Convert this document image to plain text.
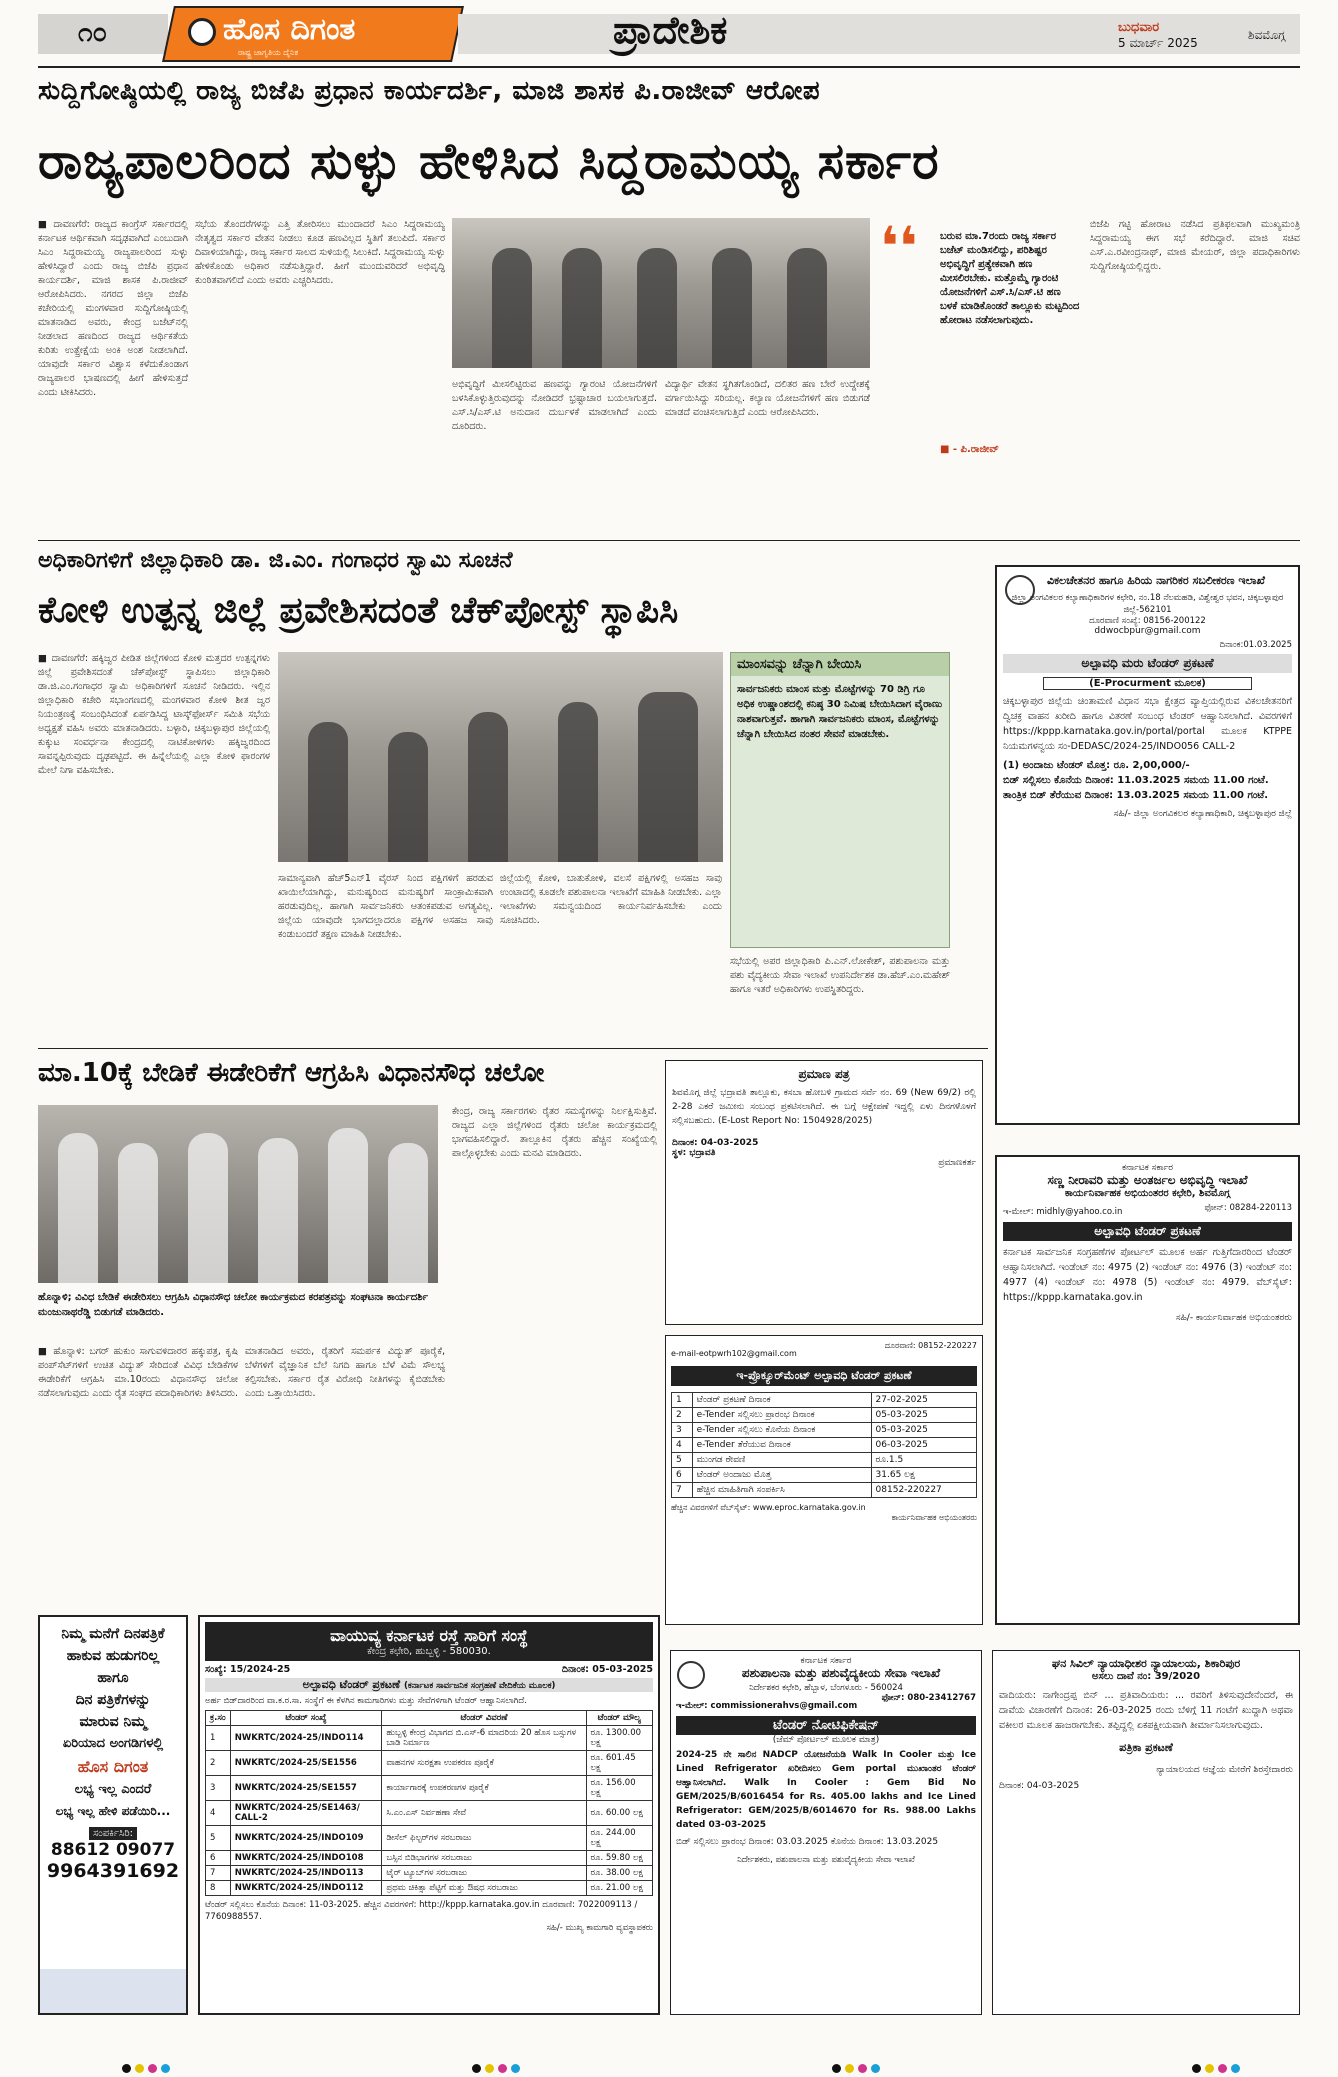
೧೦	ಹೊಸ ದಿಗಂತ
ರಾಷ್ಟ್ರ ಜಾಗೃತಿಯ ದೈನಿಕ
ಪ್ರಾದೇಶಿಕ	ಬುಧವಾರ
5 ಮಾರ್ಚ್ 2025
ಶಿವಮೊಗ್ಗ
ಸುದ್ದಿಗೋಷ್ಠಿಯಲ್ಲಿ ರಾಜ್ಯ ಬಿಜೆಪಿ ಪ್ರಧಾನ ಕಾರ್ಯದರ್ಶಿ, ಮಾಜಿ ಶಾಸಕ ಪಿ.ರಾಜೀವ್ ಆರೋಪ
ರಾಜ್ಯಪಾಲರಿಂದ ಸುಳ್ಳು ಹೇಳಿಸಿದ ಸಿದ್ದರಾಮಯ್ಯ ಸರ್ಕಾರ
■ ದಾವಣಗೆರೆ: ರಾಜ್ಯದ ಕಾಂಗ್ರೆಸ್ ಸರ್ಕಾರದಲ್ಲಿ ಕರ್ನಾಟಕ ಆರ್ಥಿಕವಾಗಿ ಸದೃಢವಾಗಿದೆ ಎಂಬುದಾಗಿ ಸಿಎಂ ಸಿದ್ದರಾಮಯ್ಯ ರಾಜ್ಯಪಾಲರಿಂದ ಸುಳ್ಳು ಹೇಳಿಸಿದ್ದಾರೆ ಎಂದು ರಾಜ್ಯ ಬಿಜೆಪಿ ಪ್ರಧಾನ ಕಾರ್ಯದರ್ಶಿ, ಮಾಜಿ ಶಾಸಕ ಪಿ.ರಾಜೀವ್ ಆರೋಪಿಸಿದರು. ನಗರದ ಜಿಲ್ಲಾ ಬಿಜೆಪಿ ಕಚೇರಿಯಲ್ಲಿ ಮಂಗಳವಾರ ಸುದ್ದಿಗೋಷ್ಠಿಯಲ್ಲಿ ಮಾತನಾಡಿದ ಅವರು, ಕೇಂದ್ರ ಬಜೆಟ್‌ನಲ್ಲಿ ನೀಡಲಾದ ಹಣದಿಂದ ರಾಜ್ಯದ ಆರ್ಥಿಕತೆಯ ಕುರಿತು ಉತ್ಪ್ರೇಕ್ಷೆಯ ಅಂಕಿ ಅಂಶ ನೀಡಲಾಗಿದೆ. ಯಾವುದೇ ಸರ್ಕಾರ ವಿಶ್ವಾಸ ಕಳೆದುಕೊಂಡಾಗ ರಾಜ್ಯಪಾಲರ ಭಾಷಣದಲ್ಲಿ ಹೀಗೆ ಹೇಳಿಸುತ್ತದೆ ಎಂದು ಟೀಕಿಸಿದರು.
ಸಭೆಯ ತೊಂದರೆಗಳನ್ನು ಎತ್ತಿ ತೋರಿಸಲು ಮುಂದಾದರೆ ಸಿಎಂ ಸಿದ್ದರಾಮಯ್ಯ ನೇತೃತ್ವದ ಸರ್ಕಾರ ವೇತನ ನೀಡಲು ಕೂಡ ಹಣವಿಲ್ಲದ ಸ್ಥಿತಿಗೆ ತಲುಪಿದೆ. ಸರ್ಕಾರ ದಿವಾಳಿಯಾಗಿದ್ದು, ರಾಜ್ಯ ಸರ್ಕಾರ ಸಾಲದ ಸುಳಿಯಲ್ಲಿ ಸಿಲುಕಿದೆ. ಸಿದ್ದರಾಮಯ್ಯ ಸುಳ್ಳು ಹೇಳಿಕೊಂಡು ಅಧಿಕಾರ ನಡೆಸುತ್ತಿದ್ದಾರೆ. ಹೀಗೆ ಮುಂದುವರಿದರೆ ಅಭಿವೃದ್ಧಿ ಕುಂಠಿತವಾಗಲಿದೆ ಎಂದು ಅವರು ಎಚ್ಚರಿಸಿದರು.
ಅಭಿವೃದ್ಧಿಗೆ ಮೀಸಲಿಟ್ಟಿರುವ ಹಣವನ್ನು ಗ್ಯಾರಂಟಿ ಯೋಜನೆಗಳಿಗೆ ಬಳಸಿಕೊಳ್ಳುತ್ತಿರುವುದನ್ನು ನೋಡಿದರೆ ಭ್ರಷ್ಟಾಚಾರ ಬಯಲಾಗುತ್ತದೆ. ಎಸ್.ಸಿ/ಎಸ್.ಟಿ ಅನುದಾನ ದುರ್ಬಳಕೆ ಮಾಡಲಾಗಿದೆ ಎಂದು ದೂರಿದರು.
ವಿದ್ಯಾರ್ಥಿ ವೇತನ ಸ್ಥಗಿತಗೊಂಡಿದೆ, ದಲಿತರ ಹಣ ಬೇರೆ ಉದ್ದೇಶಕ್ಕೆ ವರ್ಗಾಯಿಸಿದ್ದು ಸರಿಯಲ್ಲ. ಕಲ್ಯಾಣ ಯೋಜನೆಗಳಿಗೆ ಹಣ ಬಿಡುಗಡೆ ಮಾಡದೆ ವಂಚಿಸಲಾಗುತ್ತಿದೆ ಎಂದು ಆರೋಪಿಸಿದರು.
❛❛ ಬರುವ ಮಾ.7ರಂದು ರಾಜ್ಯ ಸರ್ಕಾರ ಬಜೆಟ್ ಮಂಡಿಸಲಿದ್ದು, ಪರಿಶಿಷ್ಟರ ಅಭಿವೃದ್ಧಿಗೆ ಪ್ರತ್ಯೇಕವಾಗಿ ಹಣ ಮೀಸಲಿರಬೇಕು. ಮತ್ತೊಮ್ಮೆ ಗ್ಯಾರಂಟಿ ಯೋಜನೆಗಳಿಗೆ ಎಸ್.ಸಿ/ಎಸ್.ಟಿ ಹಣ ಬಳಕೆ ಮಾಡಿಕೊಂಡರೆ ತಾಲ್ಲೂಕು ಮಟ್ಟದಿಂದ ಹೋರಾಟ ನಡೆಸಲಾಗುವುದು.
■ - ಪಿ.ರಾಜೀವ್
ಬಿಜೆಪಿ ಗಟ್ಟಿ ಹೋರಾಟ ನಡೆಸಿದ ಪ್ರತಿಫಲವಾಗಿ ಮುಖ್ಯಮಂತ್ರಿ ಸಿದ್ದರಾಮಯ್ಯ ಈಗ ಸಭೆ ಕರೆದಿದ್ದಾರೆ. ಮಾಜಿ ಸಚಿವ ಎಸ್.ಎ.ರವೀಂದ್ರನಾಥ್, ಮಾಜಿ ಮೇಯರ್, ಜಿಲ್ಲಾ ಪದಾಧಿಕಾರಿಗಳು ಸುದ್ದಿಗೋಷ್ಠಿಯಲ್ಲಿದ್ದರು.
ಅಧಿಕಾರಿಗಳಿಗೆ ಜಿಲ್ಲಾಧಿಕಾರಿ ಡಾ. ಜಿ.ಎಂ. ಗಂಗಾಧರ ಸ್ವಾಮಿ ಸೂಚನೆ
ಕೋಳಿ ಉತ್ಪನ್ನ ಜಿಲ್ಲೆ ಪ್ರವೇಶಿಸದಂತೆ ಚೆಕ್‌ಪೋಸ್ಟ್ ಸ್ಥಾಪಿಸಿ
■ ದಾವಣಗೆರೆ: ಹಕ್ಕಿಜ್ವರ ಪೀಡಿತ ಜಿಲ್ಲೆಗಳಿಂದ ಕೋಳಿ ಮತ್ತದರ ಉತ್ಪನ್ನಗಳು ಜಿಲ್ಲೆ ಪ್ರವೇಶಿಸದಂತೆ ಚೆಕ್‌ಪೋಸ್ಟ್ ಸ್ಥಾಪಿಸಲು ಜಿಲ್ಲಾಧಿಕಾರಿ ಡಾ.ಜಿ.ಎಂ.ಗಂಗಾಧರ ಸ್ವಾಮಿ ಅಧಿಕಾರಿಗಳಿಗೆ ಸೂಚನೆ ನೀಡಿದರು. ಇಲ್ಲಿನ ಜಿಲ್ಲಾಧಿಕಾರಿ ಕಚೇರಿ ಸಭಾಂಗಣದಲ್ಲಿ ಮಂಗಳವಾರ ಕೋಳಿ ಶೀತ ಜ್ವರ ನಿಯಂತ್ರಣಕ್ಕೆ ಸಂಬಂಧಿಸಿದಂತೆ ಏರ್ಪಡಿಸಿದ್ದ ಟಾಸ್ಕ್‌ಫೋರ್ಸ್ ಸಮಿತಿ ಸಭೆಯ ಅಧ್ಯಕ್ಷತೆ ವಹಿಸಿ ಅವರು ಮಾತನಾಡಿದರು. ಬಳ್ಳಾರಿ, ಚಿಕ್ಕಬಳ್ಳಾಪುರ ಜಿಲ್ಲೆಯಲ್ಲಿ ಕುಕ್ಕುಟ ಸಂವರ್ಧನಾ ಕೇಂದ್ರದಲ್ಲಿ ನಾಟಿಕೋಳಿಗಳು ಹಕ್ಕಿಜ್ವರದಿಂದ ಸಾವನ್ನಪ್ಪಿರುವುದು ದೃಢಪಟ್ಟಿದೆ. ಈ ಹಿನ್ನೆಲೆಯಲ್ಲಿ ಎಲ್ಲಾ ಕೋಳಿ ಫಾರಂಗಳ ಮೇಲೆ ನಿಗಾ ವಹಿಸಬೇಕು.
ಸಾಮಾನ್ಯವಾಗಿ ಹೆಚ್5ಎನ್1 ವೈರಸ್ ನಿಂದ ಪಕ್ಷಿಗಳಿಗೆ ಹರಡುವ ಖಾಯಿಲೆಯಾಗಿದ್ದು, ಮನುಷ್ಯರಿಂದ ಮನುಷ್ಯರಿಗೆ ಸಾಂಕ್ರಾಮಿಕವಾಗಿ ಹರಡುವುದಿಲ್ಲ. ಹಾಗಾಗಿ ಸಾರ್ವಜನಿಕರು ಆತಂಕಪಡುವ ಅಗತ್ಯವಿಲ್ಲ. ಜಿಲ್ಲೆಯ ಯಾವುದೇ ಭಾಗದಲ್ಲಾದರೂ ಪಕ್ಷಿಗಳ ಅಸಹಜ ಸಾವು ಕಂಡುಬಂದರೆ ತಕ್ಷಣ ಮಾಹಿತಿ ನೀಡಬೇಕು.
ಜಿಲ್ಲೆಯಲ್ಲಿ ಕೋಳಿ, ಬಾತುಕೋಳಿ, ವಲಸೆ ಪಕ್ಷಿಗಳಲ್ಲಿ ಅಸಹಜ ಸಾವು ಉಂಟಾದಲ್ಲಿ ಕೂಡಲೇ ಪಶುಪಾಲನಾ ಇಲಾಖೆಗೆ ಮಾಹಿತಿ ನೀಡಬೇಕು. ಎಲ್ಲಾ ಇಲಾಖೆಗಳು ಸಮನ್ವಯದಿಂದ ಕಾರ್ಯನಿರ್ವಹಿಸಬೇಕು ಎಂದು ಸೂಚಿಸಿದರು.
ಮಾಂಸವನ್ನು ಚೆನ್ನಾಗಿ ಬೇಯಿಸಿ
ಸಾರ್ವಜನಿಕರು ಮಾಂಸ ಮತ್ತು ಮೊಟ್ಟೆಗಳನ್ನು 70 ಡಿಗ್ರಿ ಗೂ ಅಧಿಕ ಉಷ್ಣಾಂಶದಲ್ಲಿ ಕನಿಷ್ಠ 30 ನಿಮಿಷ ಬೇಯಿಸಿದಾಗ ವೈರಾಣು ನಾಶವಾಗುತ್ತವೆ. ಹಾಗಾಗಿ ಸಾರ್ವಜನಿಕರು ಮಾಂಸ, ಮೊಟ್ಟೆಗಳನ್ನು ಚೆನ್ನಾಗಿ ಬೇಯಿಸಿದ ನಂತರ ಸೇವನೆ ಮಾಡಬೇಕು.
ಸಭೆಯಲ್ಲಿ ಅಪರ ಜಿಲ್ಲಾಧಿಕಾರಿ ಪಿ.ಎನ್.ಲೋಕೇಶ್, ಪಶುಪಾಲನಾ ಮತ್ತು ಪಶು ವೈದ್ಯಕೀಯ ಸೇವಾ ಇಲಾಖೆ ಉಪನಿರ್ದೇಶಕ ಡಾ.ಹೆಚ್.ಎಂ.ಮಹೇಶ್ ಹಾಗೂ ಇತರೆ ಅಧಿಕಾರಿಗಳು ಉಪಸ್ಥಿತರಿದ್ದರು.
ವಿಕಲಚೇತನರ ಹಾಗೂ ಹಿರಿಯ ನಾಗರಿಕರ ಸಬಲೀಕರಣ ಇಲಾಖೆ
ಜಿಲ್ಲಾ ಅಂಗವಿಕಲರ ಕಲ್ಯಾಣಾಧಿಕಾರಿಗಳ ಕಛೇರಿ, ನಂ.18 ನೆಲಮಹಡಿ, ವಿಶ್ವೇಶ್ವರ ಭವನ, ಚಿಕ್ಕಬಳ್ಳಾಪುರ ಜಿಲ್ಲೆ-562101
ದೂರವಾಣಿ ಸಂಖ್ಯೆ: 08156-200122
ddwocbpur@gmail.com
ದಿನಾಂಕ:01.03.2025
ಅಲ್ಪಾವಧಿ ಮರು ಟೆಂಡರ್ ಪ್ರಕಟಣೆ
(E-Procurment ಮೂಲಕ)
ಚಿಕ್ಕಬಳ್ಳಾಪುರ ಜಿಲ್ಲೆಯ ಚಿಂತಾಮಣಿ ವಿಧಾನ ಸಭಾ ಕ್ಷೇತ್ರದ ವ್ಯಾಪ್ತಿಯಲ್ಲಿರುವ ವಿಕಲಚೇತನರಿಗೆ ದ್ವಿಚಕ್ರ ವಾಹನ ಖರೀದಿ ಹಾಗೂ ವಿತರಣೆ ಸಂಬಂಧ ಟೆಂಡರ್ ಆಹ್ವಾನಿಸಲಾಗಿದೆ. ವಿವರಗಳಿಗೆ https://kppp.karnataka.gov.in/portal/portal ಮೂಲಕ KTPPE ನಿಯಮಗಳನ್ವಯ ಸಂ-DEDASC/2024-25/INDO056 CALL-2
(1) ಅಂದಾಜು ಟೆಂಡರ್ ಮೊತ್ತ: ರೂ. 2,00,000/-
ಬಿಡ್ ಸಲ್ಲಿಸಲು ಕೊನೆಯ ದಿನಾಂಕ: 11.03.2025 ಸಮಯ 11.00 ಗಂಟೆ. ತಾಂತ್ರಿಕ ಬಿಡ್ ತೆರೆಯುವ ದಿನಾಂಕ: 13.03.2025 ಸಮಯ 11.00 ಗಂಟೆ.
ಸಹಿ/- ಜಿಲ್ಲಾ ಅಂಗವಿಕಲರ ಕಲ್ಯಾಣಾಧಿಕಾರಿ, ಚಿಕ್ಕಬಳ್ಳಾಪುರ ಜಿಲ್ಲೆ
ಮಾ.10ಕ್ಕೆ ಬೇಡಿಕೆ ಈಡೇರಿಕೆಗೆ ಆಗ್ರಹಿಸಿ ವಿಧಾನಸೌಧ ಚಲೋ
ಹೊನ್ನಾಳಿ; ವಿವಿಧ ಬೇಡಿಕೆ ಈಡೇರಿಸಲು ಆಗ್ರಹಿಸಿ ವಿಧಾನಸೌಧ ಚಲೋ ಕಾರ್ಯಕ್ರಮದ ಕರಪತ್ರವನ್ನು ಸಂಘಟನಾ ಕಾರ್ಯದರ್ಶಿ ಮಂಜುನಾಥರೆಡ್ಡಿ ಬಿಡುಗಡೆ ಮಾಡಿದರು.
■ ಹೊನ್ನಾಳಿ: ಬಗರ್ ಹುಕುಂ ಸಾಗುವಳಿದಾರರ ಹಕ್ಕುಪತ್ರ, ಕೃಷಿ ಪಂಪ್‌ಸೆಟ್‌ಗಳಿಗೆ ಉಚಿತ ವಿದ್ಯುತ್ ಸೇರಿದಂತೆ ವಿವಿಧ ಬೇಡಿಕೆಗಳ ಈಡೇರಿಕೆಗೆ ಆಗ್ರಹಿಸಿ ಮಾ.10ರಂದು ವಿಧಾನಸೌಧ ಚಲೋ ನಡೆಸಲಾಗುವುದು ಎಂದು ರೈತ ಸಂಘದ ಪದಾಧಿಕಾರಿಗಳು ತಿಳಿಸಿದರು.
ಮಾತನಾಡಿದ ಅವರು, ರೈತರಿಗೆ ಸಮರ್ಪಕ ವಿದ್ಯುತ್ ಪೂರೈಕೆ, ಬೆಳೆಗಳಿಗೆ ವೈಜ್ಞಾನಿಕ ಬೆಲೆ ನಿಗದಿ ಹಾಗೂ ಬೆಳೆ ವಿಮೆ ಸೌಲಭ್ಯ ಕಲ್ಪಿಸಬೇಕು. ಸರ್ಕಾರ ರೈತ ವಿರೋಧಿ ನೀತಿಗಳನ್ನು ಕೈಬಿಡಬೇಕು ಎಂದು ಒತ್ತಾಯಿಸಿದರು.
ಕೇಂದ್ರ, ರಾಜ್ಯ ಸರ್ಕಾರಗಳು ರೈತರ ಸಮಸ್ಯೆಗಳನ್ನು ನಿರ್ಲಕ್ಷಿಸುತ್ತಿವೆ. ರಾಜ್ಯದ ಎಲ್ಲಾ ಜಿಲ್ಲೆಗಳಿಂದ ರೈತರು ಚಲೋ ಕಾರ್ಯಕ್ರಮದಲ್ಲಿ ಭಾಗವಹಿಸಲಿದ್ದಾರೆ. ತಾಲ್ಲೂಕಿನ ರೈತರು ಹೆಚ್ಚಿನ ಸಂಖ್ಯೆಯಲ್ಲಿ ಪಾಲ್ಗೊಳ್ಳಬೇಕು ಎಂದು ಮನವಿ ಮಾಡಿದರು.
ಪ್ರಮಾಣ ಪತ್ರ
ಶಿವಮೊಗ್ಗ ಜಿಲ್ಲೆ ಭದ್ರಾವತಿ ತಾಲ್ಲೂಕು, ಕಸಬಾ ಹೋಬಳಿ ಗ್ರಾಮದ ಸರ್ವೆ ನಂ. 69 (New 69/2) ರಲ್ಲಿ 2-28 ಎಕರೆ ಜಮೀನು ಸಂಬಂಧ ಪ್ರಕಟಿಸಲಾಗಿದೆ. ಈ ಬಗ್ಗೆ ಆಕ್ಷೇಪಣೆ ಇದ್ದಲ್ಲಿ ಏಳು ದಿನಗಳೊಳಗೆ ಸಲ್ಲಿಸಬಹುದು. (E-Lost Report No: 1504928/2025)
ದಿನಾಂಕ: 04-03-2025
ಸ್ಥಳ: ಭದ್ರಾವತಿ
ಪ್ರಮಾಣಕರ್ತ
e-mail-eotpwrh102@gmail.com
ದೂರವಾಣಿ: 08152-220227
ಇ-ಪ್ರೊಕ್ಯೂರ್‌ಮೆಂಟ್ ಅಲ್ಪಾವಧಿ ಟೆಂಡರ್ ಪ್ರಕಟಣೆ
1	ಟೆಂಡರ್ ಪ್ರಕಟಣೆ ದಿನಾಂಕ	27-02-2025
2	e-Tender ಸಲ್ಲಿಸಲು ಪ್ರಾರಂಭ ದಿನಾಂಕ	05-03-2025
3	e-Tender ಸಲ್ಲಿಸಲು ಕೊನೆಯ ದಿನಾಂಕ	05-03-2025
4	e-Tender ತೆರೆಯುವ ದಿನಾಂಕ	06-03-2025
5	ಮುಂಗಡ ಠೇವಣಿ	ರೂ.1.5
6	ಟೆಂಡರ್ ಅಂದಾಜು ಮೊತ್ತ	31.65 ಲಕ್ಷ
7	ಹೆಚ್ಚಿನ ಮಾಹಿತಿಗಾಗಿ ಸಂಪರ್ಕಿಸಿ	08152-220227
ಹೆಚ್ಚಿನ ವಿವರಗಳಿಗೆ ವೆಬ್‌ಸೈಟ್: www.eproc.karnataka.gov.in
ಕಾರ್ಯನಿರ್ವಾಹಕ ಅಭಿಯಂತರರು
ಕರ್ನಾಟಕ ಸರ್ಕಾರ
ಸಣ್ಣ ನೀರಾವರಿ ಮತ್ತು ಅಂತರ್ಜಲ ಅಭಿವೃದ್ಧಿ ಇಲಾಖೆ
ಕಾರ್ಯನಿರ್ವಾಹಕ ಅಭಿಯಂತರರ ಕಛೇರಿ, ಶಿವಮೊಗ್ಗ
ಇ-ಮೇಲ್: midhly@yahoo.co.in	ಫೋನ್: 08284-220113
ಅಲ್ಪಾವಧಿ ಟೆಂಡರ್ ಪ್ರಕಟಣೆ
ಕರ್ನಾಟಕ ಸಾರ್ವಜನಿಕ ಸಂಗ್ರಹಣೆಗಳ ಪೋರ್ಟಲ್ ಮೂಲಕ ಅರ್ಹ ಗುತ್ತಿಗೆದಾರರಿಂದ ಟೆಂಡರ್ ಆಹ್ವಾನಿಸಲಾಗಿದೆ. ಇಂಡೆಂಟ್ ನಂ: 4975 (2) ಇಂಡೆಂಟ್ ನಂ: 4976 (3) ಇಂಡೆಂಟ್ ನಂ: 4977 (4) ಇಂಡೆಂಟ್ ನಂ: 4978 (5) ಇಂಡೆಂಟ್ ನಂ: 4979. ವೆಬ್‌ಸೈಟ್: https://kppp.karnataka.gov.in
ಸಹಿ/- ಕಾರ್ಯನಿರ್ವಾಹಕ ಅಭಿಯಂತರರು
ನಿಮ್ಮ ಮನೆಗೆ ದಿನಪತ್ರಿಕೆ
ಹಾಕುವ ಹುಡುಗರಿಲ್ಲ
ಹಾಗೂ
ದಿನ ಪತ್ರಿಕೆಗಳನ್ನು
ಮಾರುವ ನಿಮ್ಮ
ಏರಿಯಾದ ಅಂಗಡಿಗಳಲ್ಲಿ
ಹೊಸ ದಿಗಂತ
ಲಭ್ಯ ಇಲ್ಲ ಎಂದರೆ
ಲಭ್ಯ ಇಲ್ಲ ಹೇಳಿ ಪಡೆಯಿರಿ...
ಸಂಪರ್ಕಿಸಿರಿ:
88612 09077
9964391692
ವಾಯುವ್ಯ ಕರ್ನಾಟಕ ರಸ್ತೆ ಸಾರಿಗೆ ಸಂಸ್ಥೆ
ಕೇಂದ್ರ ಕಛೇರಿ, ಹುಬ್ಬಳ್ಳಿ - 580030.
ಸಂಖ್ಯೆ: 15/2024-25	ದಿನಾಂಕ: 05-03-2025
ಅಲ್ಪಾವಧಿ ಟೆಂಡರ್ ಪ್ರಕಟಣೆ (ಕರ್ನಾಟಕ ಸಾರ್ವಜನಿಕ ಸಂಗ್ರಹಣೆ ವೇದಿಕೆಯ ಮೂಲಕ)
ಅರ್ಹ ಬಿಡ್‌ದಾರರಿಂದ ವಾ.ಕ.ರ.ಸಾ. ಸಂಸ್ಥೆಗೆ ಈ ಕೆಳಗಿನ ಕಾಮಗಾರಿಗಳು ಮತ್ತು ಸೇವೆಗಳಿಗಾಗಿ ಟೆಂಡರ್ ಆಹ್ವಾನಿಸಲಾಗಿದೆ.
ಕ್ರ.ಸಂ	ಟೆಂಡರ್ ಸಂಖ್ಯೆ	ಟೆಂಡರ್ ವಿವರಣೆ	ಟೆಂಡರ್ ಮೌಲ್ಯ
1	NWKRTC/2024-25/INDO114	ಹುಬ್ಬಳ್ಳಿ ಕೇಂದ್ರ ವಿಭಾಗದ ಬಿ.ಎಸ್-6 ಮಾದರಿಯ 20 ಹೊಸ ಬಸ್ಸುಗಳ ಬಾಡಿ ನಿರ್ಮಾಣ	ರೂ. 1300.00 ಲಕ್ಷ
2	NWKRTC/2024-25/SE1556	ವಾಹನಗಳ ಸುರಕ್ಷತಾ ಉಪಕರಣ ಪೂರೈಕೆ	ರೂ. 601.45 ಲಕ್ಷ
3	NWKRTC/2024-25/SE1557	ಕಾರ್ಯಾಗಾರಕ್ಕೆ ಉಪಕರಣಗಳ ಪೂರೈಕೆ	ರೂ. 156.00 ಲಕ್ಷ
4	NWKRTC/2024-25/SE1463/ CALL-2	ಸಿ.ಎಂ.ಎಸ್ ನಿರ್ವಹಣಾ ಸೇವೆ	ರೂ. 60.00 ಲಕ್ಷ
5	NWKRTC/2024-25/INDO109	ಡೀಸೆಲ್ ಫಿಲ್ಟರ್‌ಗಳ ಸರಬರಾಜು	ರೂ. 244.00 ಲಕ್ಷ
6	NWKRTC/2024-25/INDO108	ಬಸ್ಸಿನ ಬಿಡಿಭಾಗಗಳ ಸರಬರಾಜು	ರೂ. 59.80 ಲಕ್ಷ
7	NWKRTC/2024-25/INDO113	ಟೈರ್ ಟ್ಯೂಬ್‌ಗಳ ಸರಬರಾಜು	ರೂ. 38.00 ಲಕ್ಷ
8	NWKRTC/2024-25/INDO112	ಪ್ರಥಮ ಚಿಕಿತ್ಸಾ ಪೆಟ್ಟಿಗೆ ಮತ್ತು ಔಷಧ ಸರಬರಾಜು	ರೂ. 21.00 ಲಕ್ಷ
ಟೆಂಡರ್ ಸಲ್ಲಿಸಲು ಕೊನೆಯ ದಿನಾಂಕ: 11-03-2025. ಹೆಚ್ಚಿನ ವಿವರಗಳಿಗೆ: http://kppp.karnataka.gov.in ದೂರವಾಣಿ: 7022009113 / 7760988557.
ಸಹಿ/- ಮುಖ್ಯ ಕಾಮಗಾರಿ ವ್ಯವಸ್ಥಾಪಕರು
ಕರ್ನಾಟಕ ಸರ್ಕಾರ
ಪಶುಪಾಲನಾ ಮತ್ತು ಪಶುವೈದ್ಯಕೀಯ ಸೇವಾ ಇಲಾಖೆ
ನಿರ್ದೇಶಕರ ಕಛೇರಿ, ಹೆಬ್ಬಾಳ, ಬೆಂಗಳೂರು - 560024
ಇ-ಮೇಲ್: commissionerahvs@gmail.com
ಫೋನ್: 080-23412767
ಟೆಂಡರ್ ನೋಟಿಫಿಕೇಷನ್
(ಜೆಮ್ ಪೋರ್ಟಲ್ ಮೂಲಕ ಮಾತ್ರ)
2024-25 ನೇ ಸಾಲಿನ NADCP ಯೋಜನೆಯಡಿ Walk In Cooler ಮತ್ತು Ice Lined Refrigerator ಖರೀದಿಸಲು Gem portal ಮುಖಾಂತರ ಟೆಂಡರ್ ಆಹ್ವಾನಿಸಲಾಗಿದೆ. Walk In Cooler : Gem Bid No GEM/2025/B/6016454 for Rs. 405.00 lakhs and Ice Lined Refrigerator: GEM/2025/B/6014670 for Rs. 988.00 Lakhs dated 03-03-2025
ಬಿಡ್ ಸಲ್ಲಿಸಲು ಪ್ರಾರಂಭ ದಿನಾಂಕ: 03.03.2025 ಕೊನೆಯ ದಿನಾಂಕ: 13.03.2025
ನಿರ್ದೇಶಕರು, ಪಶುಪಾಲನಾ ಮತ್ತು ಪಶುವೈದ್ಯಕೀಯ ಸೇವಾ ಇಲಾಖೆ
ಘನ ಸಿವಿಲ್ ನ್ಯಾಯಾಧೀಶರ ನ್ಯಾಯಾಲಯ, ಶಿಕಾರಿಪುರ
ಅಸಲು ದಾವೆ ನಂ: 39/2020
ವಾದಿಯರು: ನಾಗೇಂದ್ರಪ್ಪ ಬಿನ್ ... ಪ್ರತಿವಾದಿಯರು: ... ರವರಿಗೆ ತಿಳಿಸುವುದೇನೆಂದರೆ, ಈ ದಾವೆಯ ವಿಚಾರಣೆಗೆ ದಿನಾಂಕ: 26-03-2025 ರಂದು ಬೆಳಿಗ್ಗೆ 11 ಗಂಟೆಗೆ ಖುದ್ದಾಗಿ ಅಥವಾ ವಕೀಲರ ಮೂಲಕ ಹಾಜರಾಗಬೇಕು. ತಪ್ಪಿದ್ದಲ್ಲಿ ಏಕಪಕ್ಷೀಯವಾಗಿ ತೀರ್ಮಾನಿಸಲಾಗುವುದು.
ಪತ್ರಿಕಾ ಪ್ರಕಟಣೆ
ನ್ಯಾಯಾಲಯದ ಆಜ್ಞೆಯ ಮೇರೆಗೆ ಶಿರಸ್ತೇದಾರರು
ದಿನಾಂಕ: 04-03-2025
